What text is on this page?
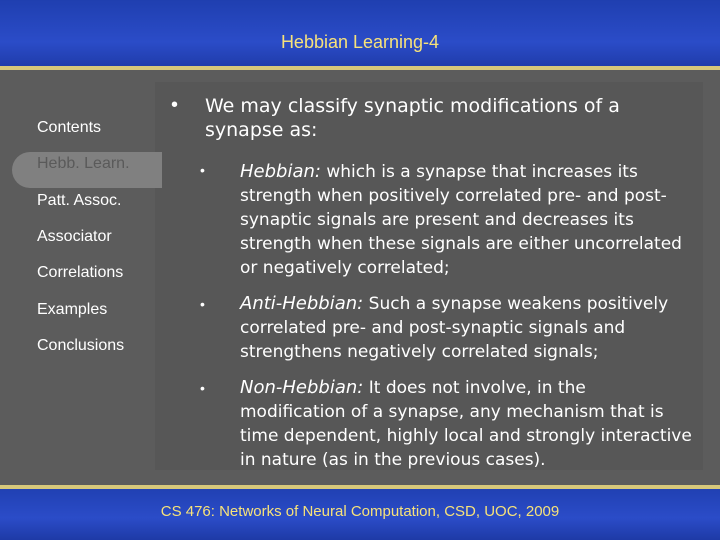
Hebbian Learning-4
• We may classify synaptic modifications of a synapse as:
• Hebbian: which is a synapse that increases its strength when positively correlated pre- and post-synaptic signals are present and decreases its strength when these signals are either uncorrelated or negatively correlated;
• Anti-Hebbian: Such a synapse weakens positively correlated pre- and post-synaptic signals and strengthens negatively correlated signals;
• Non-Hebbian: It does not involve, in the modification of a synapse, any mechanism that is time dependent, highly local and strongly interactive in nature (as in the previous cases).
Contents
Hebb. Learn.
Patt. Assoc.
Associator
Correlations
Examples
Conclusions
CS 476: Networks of Neural Computation, CSD, UOC, 2009
